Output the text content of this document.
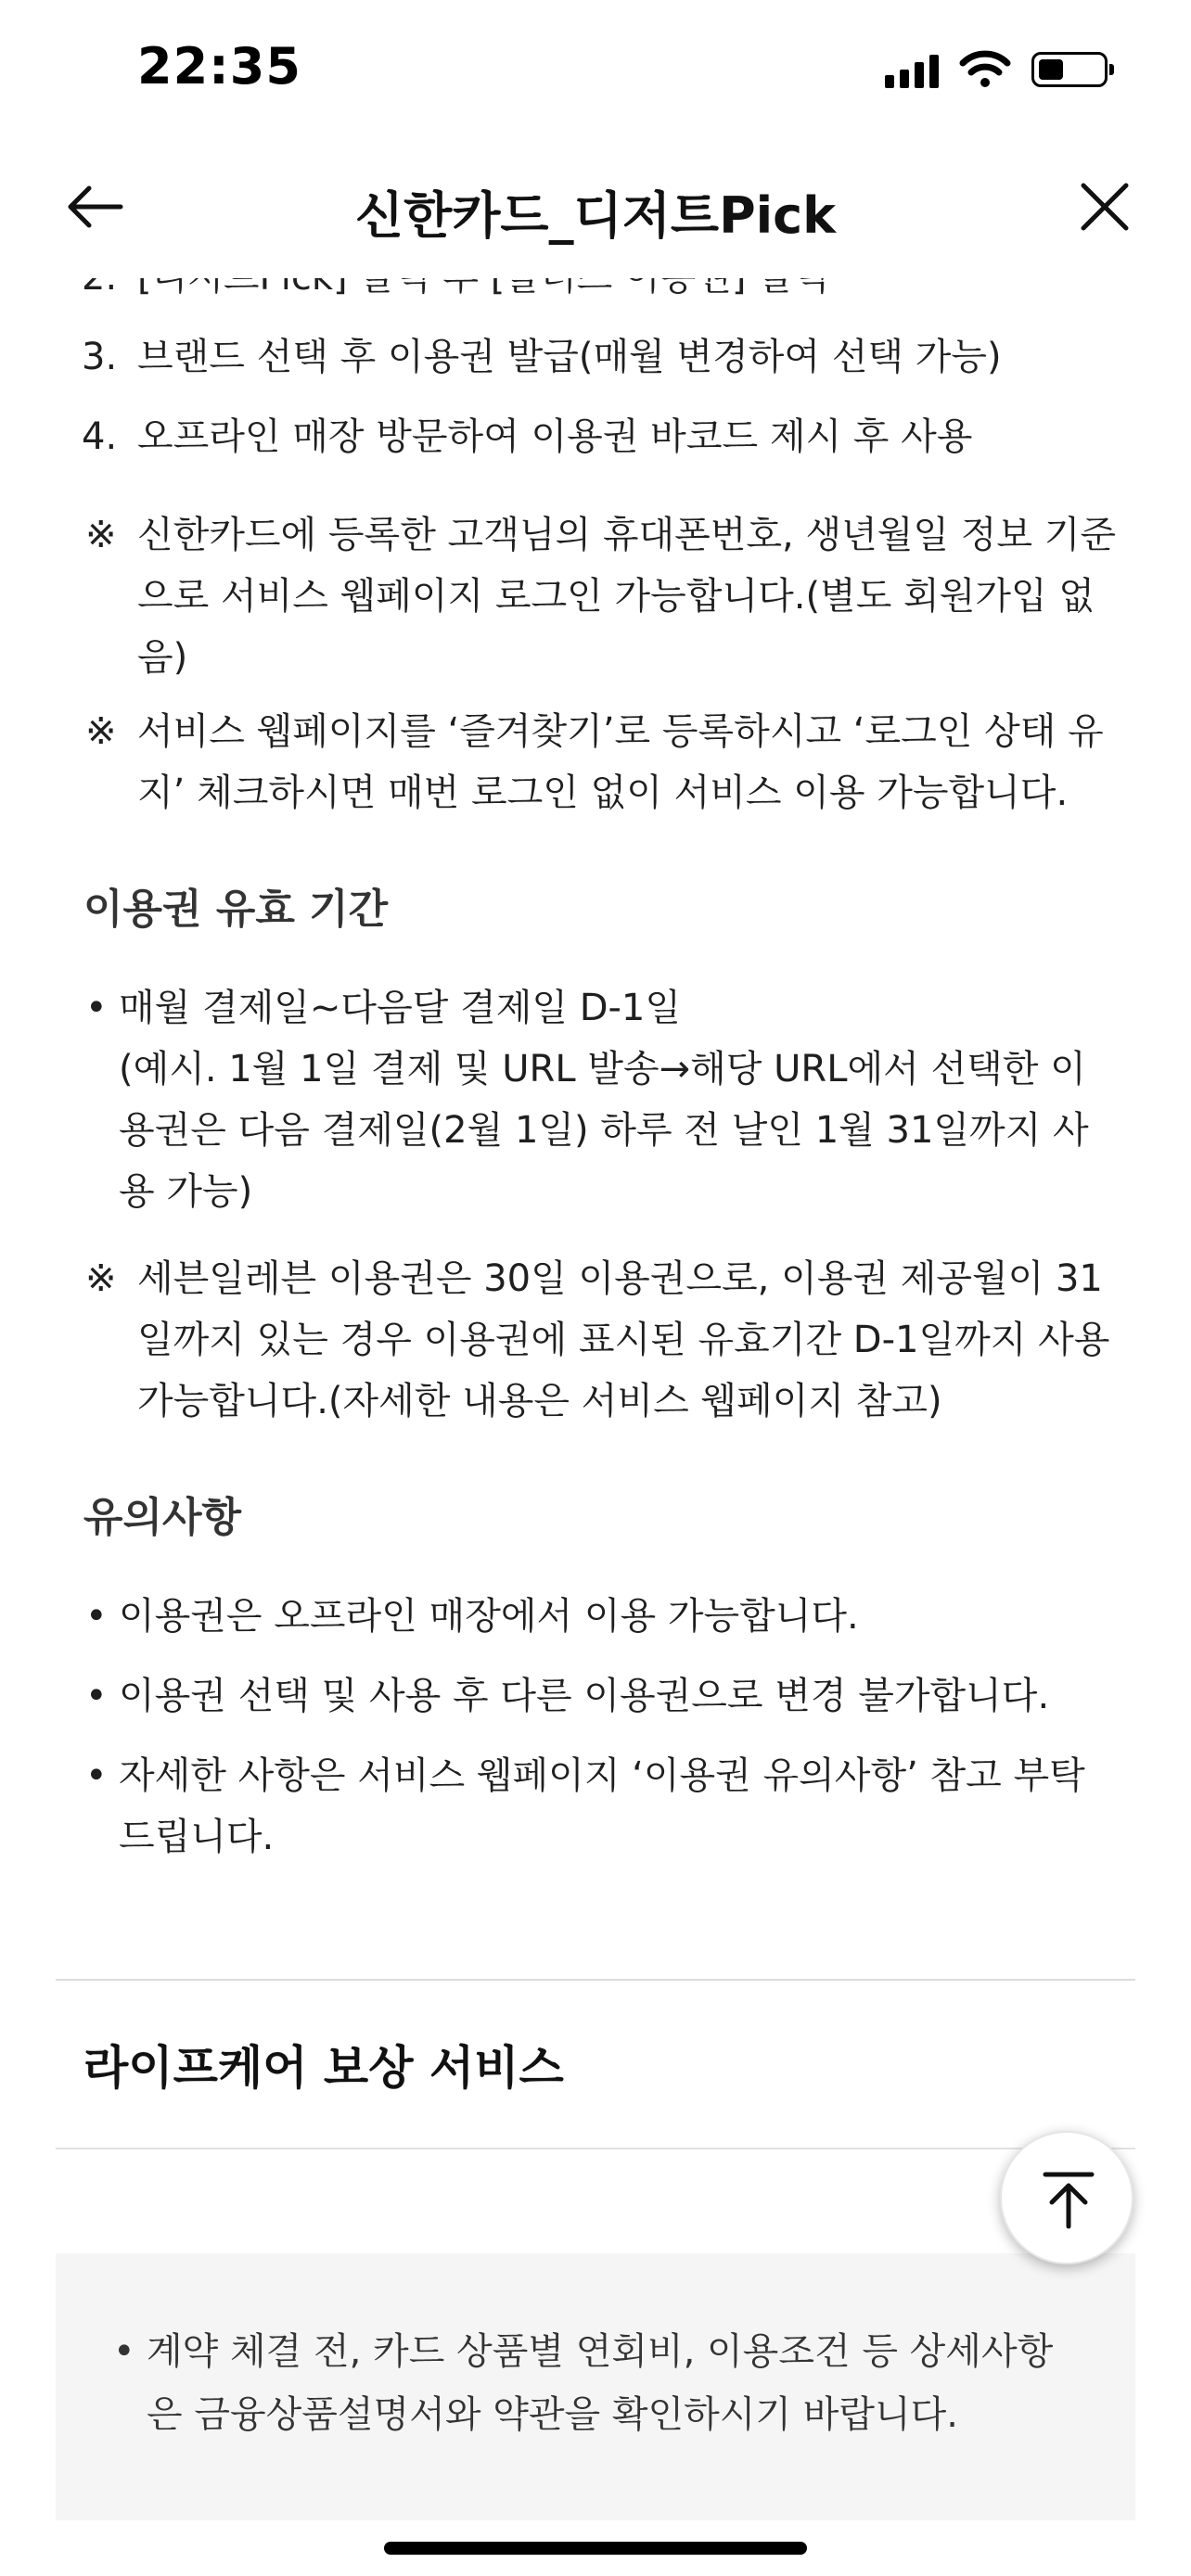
22:35
신한카드_디저트Pick
3. 브랜드 선택 후 이용권 발급(매월 변경하여 선택 가능)
4. 오프라인 매장 방문하여 이용권 바코드 제시 후 사용
※ 신한카드에 등록한 고객님의 휴대폰번호, 생년월일 정보 기준으로 서비스 웹페이지 로그인 가능합니다.(별도 회원가입 없음)
※ 서비스 웹페이지를 ‘즐겨찾기’로 등록하시고 ‘로그인 상태 유지’ 체크하시면 매번 로그인 없이 서비스 이용 가능합니다.
이용권 유효 기간
• 매월 결제일~다음달 결제일 D-1일
(예시. 1월 1일 결제 및 URL 발송→해당 URL에서 선택한 이용권은 다음 결제일(2월 1일) 하루 전 날인 1월 31일까지 사용 가능)
※ 세븐일레븐 이용권은 30일 이용권으로, 이용권 제공월이 31일까지 있는 경우 이용권에 표시된 유효기간 D-1일까지 사용 가능합니다.(자세한 내용은 서비스 웹페이지 참고)
유의사항
• 이용권은 오프라인 매장에서 이용 가능합니다.
• 이용권 선택 및 사용 후 다른 이용권으로 변경 불가합니다.
• 자세한 사항은 서비스 웹페이지 ‘이용권 유의사항’ 참고 부탁드립니다.
라이프케어 보상 서비스
• 계약 체결 전, 카드 상품별 연회비, 이용조건 등 상세사항은 금융상품설명서와 약관을 확인하시기 바랍니다.
